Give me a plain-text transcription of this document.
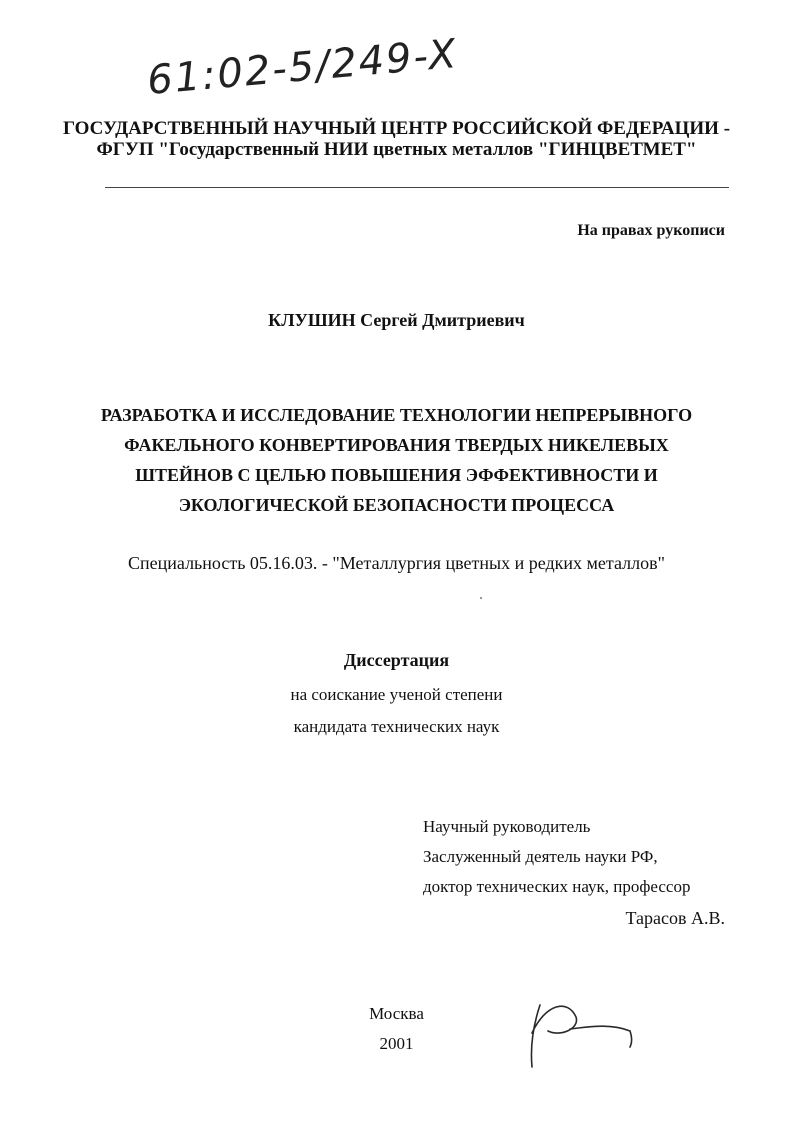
61:02-5/249-X
ГОСУДАРСТВЕННЫЙ НАУЧНЫЙ ЦЕНТР РОССИЙСКОЙ ФЕДЕРАЦИИ -
ФГУП "Государственный НИИ цветных металлов "ГИНЦВЕТМЕТ"
На правах рукописи
КЛУШИН Сергей Дмитриевич
РАЗРАБОТКА И ИССЛЕДОВАНИЕ ТЕХНОЛОГИИ НЕПРЕРЫВНОГО
ФАКЕЛЬНОГО КОНВЕРТИРОВАНИЯ ТВЕРДЫХ НИКЕЛЕВЫХ
ШТЕЙНОВ С ЦЕЛЬЮ ПОВЫШЕНИЯ ЭФФЕКТИВНОСТИ И
ЭКОЛОГИЧЕСКОЙ БЕЗОПАСНОСТИ ПРОЦЕССА
Специальность 05.16.03. - "Металлургия цветных и редких металлов"
Диссертация
на соискание ученой степени
кандидата технических наук
Научный руководитель
Заслуженный деятель науки РФ,
доктор технических наук, профессор
Тарасов А.В.
Москва
2001
